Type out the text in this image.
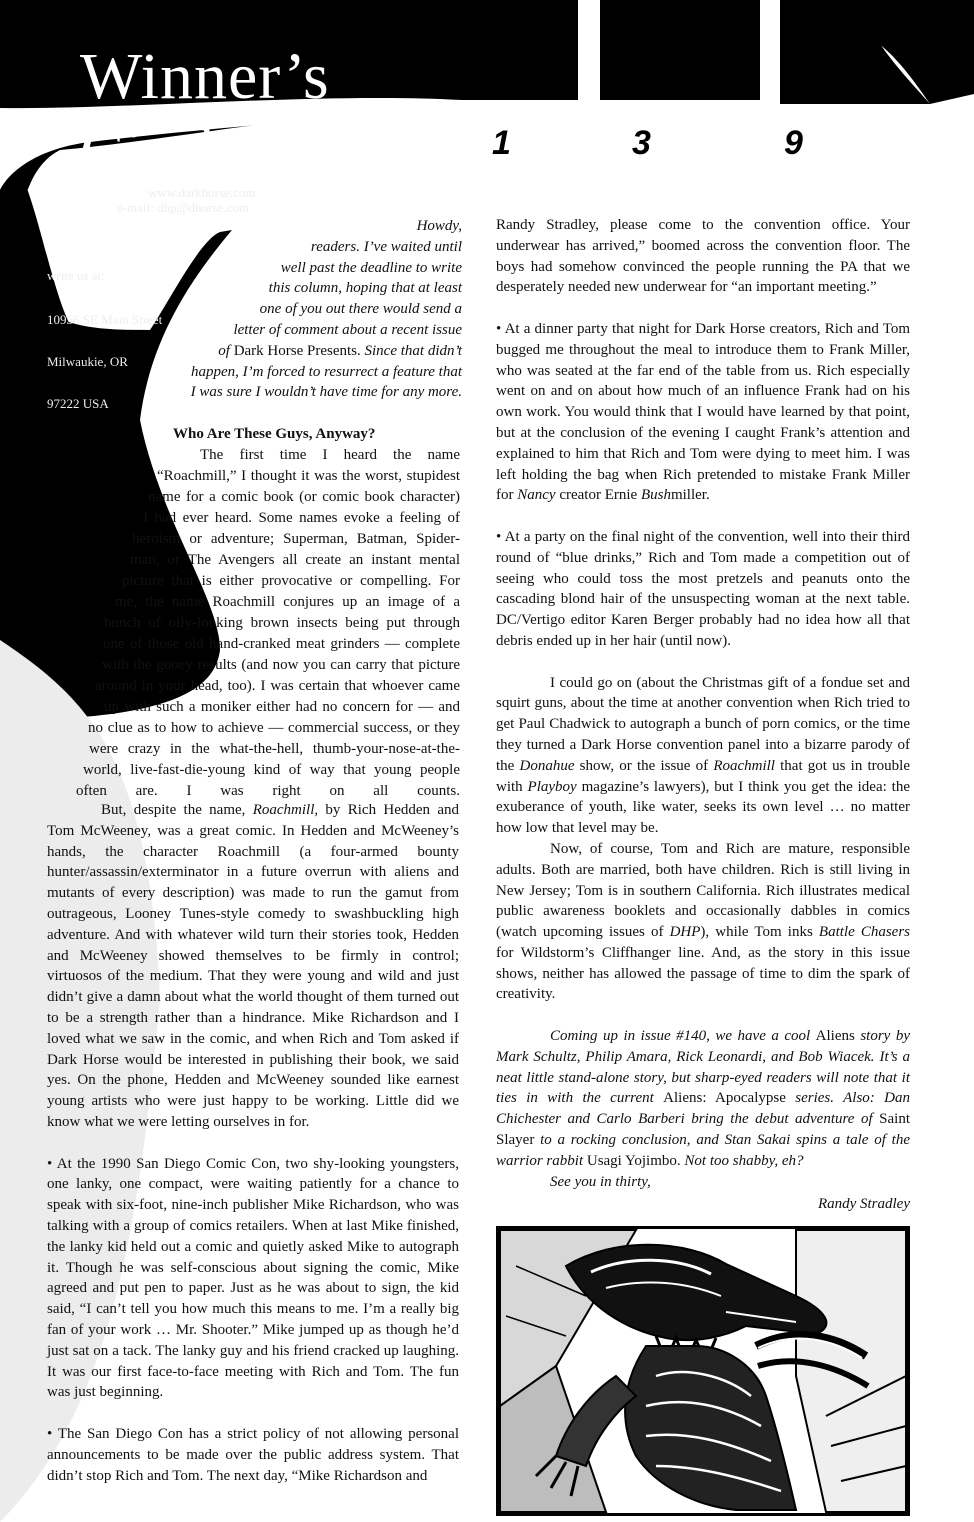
Winner’s
Circle
www.darkhorse.com
e-mail: dhp@dhorse.com
write us at:
10956 SE Main Street
Milwaukie, OR
97222 USA
1	3	9

Howdy,

readers. I’ve waited until

well past the deadline to write

this column, hoping that at least

one of you out there would send a

letter of comment about a recent issue

of Dark Horse Presents. Since that didn’t

happen, I’m forced to resurrect a feature that

I was sure I wouldn’t have time for any more.

Who Are These Guys, Anyway?
The first time I heard the name
“Roachmill,” I thought it was the worst, stupidest
name for a comic book (or comic book character)
I had ever heard. Some names evoke a feeling of
heroism or adventure; Superman, Batman, Spider-
man, or The Avengers all create an instant mental
picture that is either provocative or compelling. For
me, the name Roachmill conjures up an image of a
bunch of oily-looking brown insects being put through
one of those old hand-cranked meat grinders — complete
with the gooey results (and now you can carry that picture
around in your head, too). I was certain that whoever came
up with such a moniker either had no concern for — and
no clue as to how to achieve — commercial success, or they
were crazy in the what-the-hell, thumb-your-nose-at-the-
world, live-fast-die-young kind of way that young people
often are. I was right on all counts.

But, despite the name, Roachmill, by Rich Hedden and Tom McWeeney, was a great comic. In Hedden and McWeeney’s hands, the character Roachmill (a four-armed bounty hunter/assassin/exterminator in a future overrun with aliens and mutants of every description) was made to run the gamut from outrageous, Looney Tunes-style comedy to swashbuckling high adventure. And with whatever wild turn their stories took, Hedden and McWeeney showed themselves to be firmly in control; virtuosos of the medium. That they were young and wild and just didn’t give a damn about what the world thought of them turned out to be a strength rather than a hindrance. Mike Richardson and I loved what we saw in the comic, and when Rich and Tom asked if Dark Horse would be interested in publishing their book, we said yes. On the phone, Hedden and McWeeney sounded like earnest young artists who were just happy to be working. Little did we know what we were letting ourselves in for.

• At the 1990 San Diego Comic Con, two shy-looking youngsters, one lanky, one compact, were waiting patiently for a chance to speak with six-foot, nine-inch publisher Mike Richardson, who was talking with a group of comics retailers. When at last Mike finished, the lanky kid held out a comic and quietly asked Mike to autograph it. Though he was self-conscious about signing the comic, Mike agreed and put pen to paper. Just as he was about to sign, the kid said, “I can’t tell you how much this means to me. I’m a really big fan of your work … Mr. Shooter.” Mike jumped up as though he’d just sat on a tack. The lanky guy and his friend cracked up laughing. It was our first face-to-face meeting with Rich and Tom. The fun was just beginning.

• The San Diego Con has a strict policy of not allowing personal announcements to be made over the public address system. That didn’t stop Rich and Tom. The next day, “Mike Richardson and

Randy Stradley, please come to the convention office. Your underwear has arrived,” boomed across the convention floor. The boys had somehow convinced the people running the PA that we desperately needed new underwear for “an important meeting.”

• At a dinner party that night for Dark Horse creators, Rich and Tom bugged me throughout the meal to introduce them to Frank Miller, who was seated at the far end of the table from us. Rich especially went on and on about how much of an influence Frank had on his own work. You would think that I would have learned by that point, but at the conclusion of the evening I caught Frank’s attention and explained to him that Rich and Tom were dying to meet him. I was left holding the bag when Rich pretended to mistake Frank Miller for Nancy creator Ernie Bushmiller.

• At a party on the final night of the convention, well into their third round of “blue drinks,” Rich and Tom made a competition out of seeing who could toss the most pretzels and peanuts onto the cascading blond hair of the unsuspecting woman at the next table. DC/Vertigo editor Karen Berger probably had no idea how all that debris ended up in her hair (until now).

I could go on (about the Christmas gift of a fondue set and squirt guns, about the time at another convention when Rich tried to get Paul Chadwick to autograph a bunch of porn comics, or the time they turned a Dark Horse convention panel into a bizarre parody of the Donahue show, or the issue of Roachmill that got us in trouble with Playboy magazine’s lawyers), but I think you get the idea: the exuberance of youth, like water, seeks its own level … no matter how low that level may be.

Now, of course, Tom and Rich are mature, responsible adults. Both are married, both have children. Rich is still living in New Jersey; Tom is in southern California. Rich illustrates medical public awareness booklets and occasionally dabbles in comics (watch upcoming issues of DHP), while Tom inks Battle Chasers for Wildstorm’s Cliffhanger line. And, as the story in this issue shows, neither has allowed the passage of time to dim the spark of creativity.

Coming up in issue #140, we have a cool Aliens story by Mark Schultz, Philip Amara, Rick Leonardi, and Bob Wiacek. It’s a neat little stand-alone story, but sharp-eyed readers will note that it ties in with the current Aliens: Apocalypse series. Also: Dan Chichester and Carlo Barberi bring the debut adventure of Saint Slayer to a rocking conclusion, and Stan Sakai spins a tale of the warrior rabbit Usagi Yojimbo. Not too shabby, eh?

See you in thirty,

Randy Stradley
